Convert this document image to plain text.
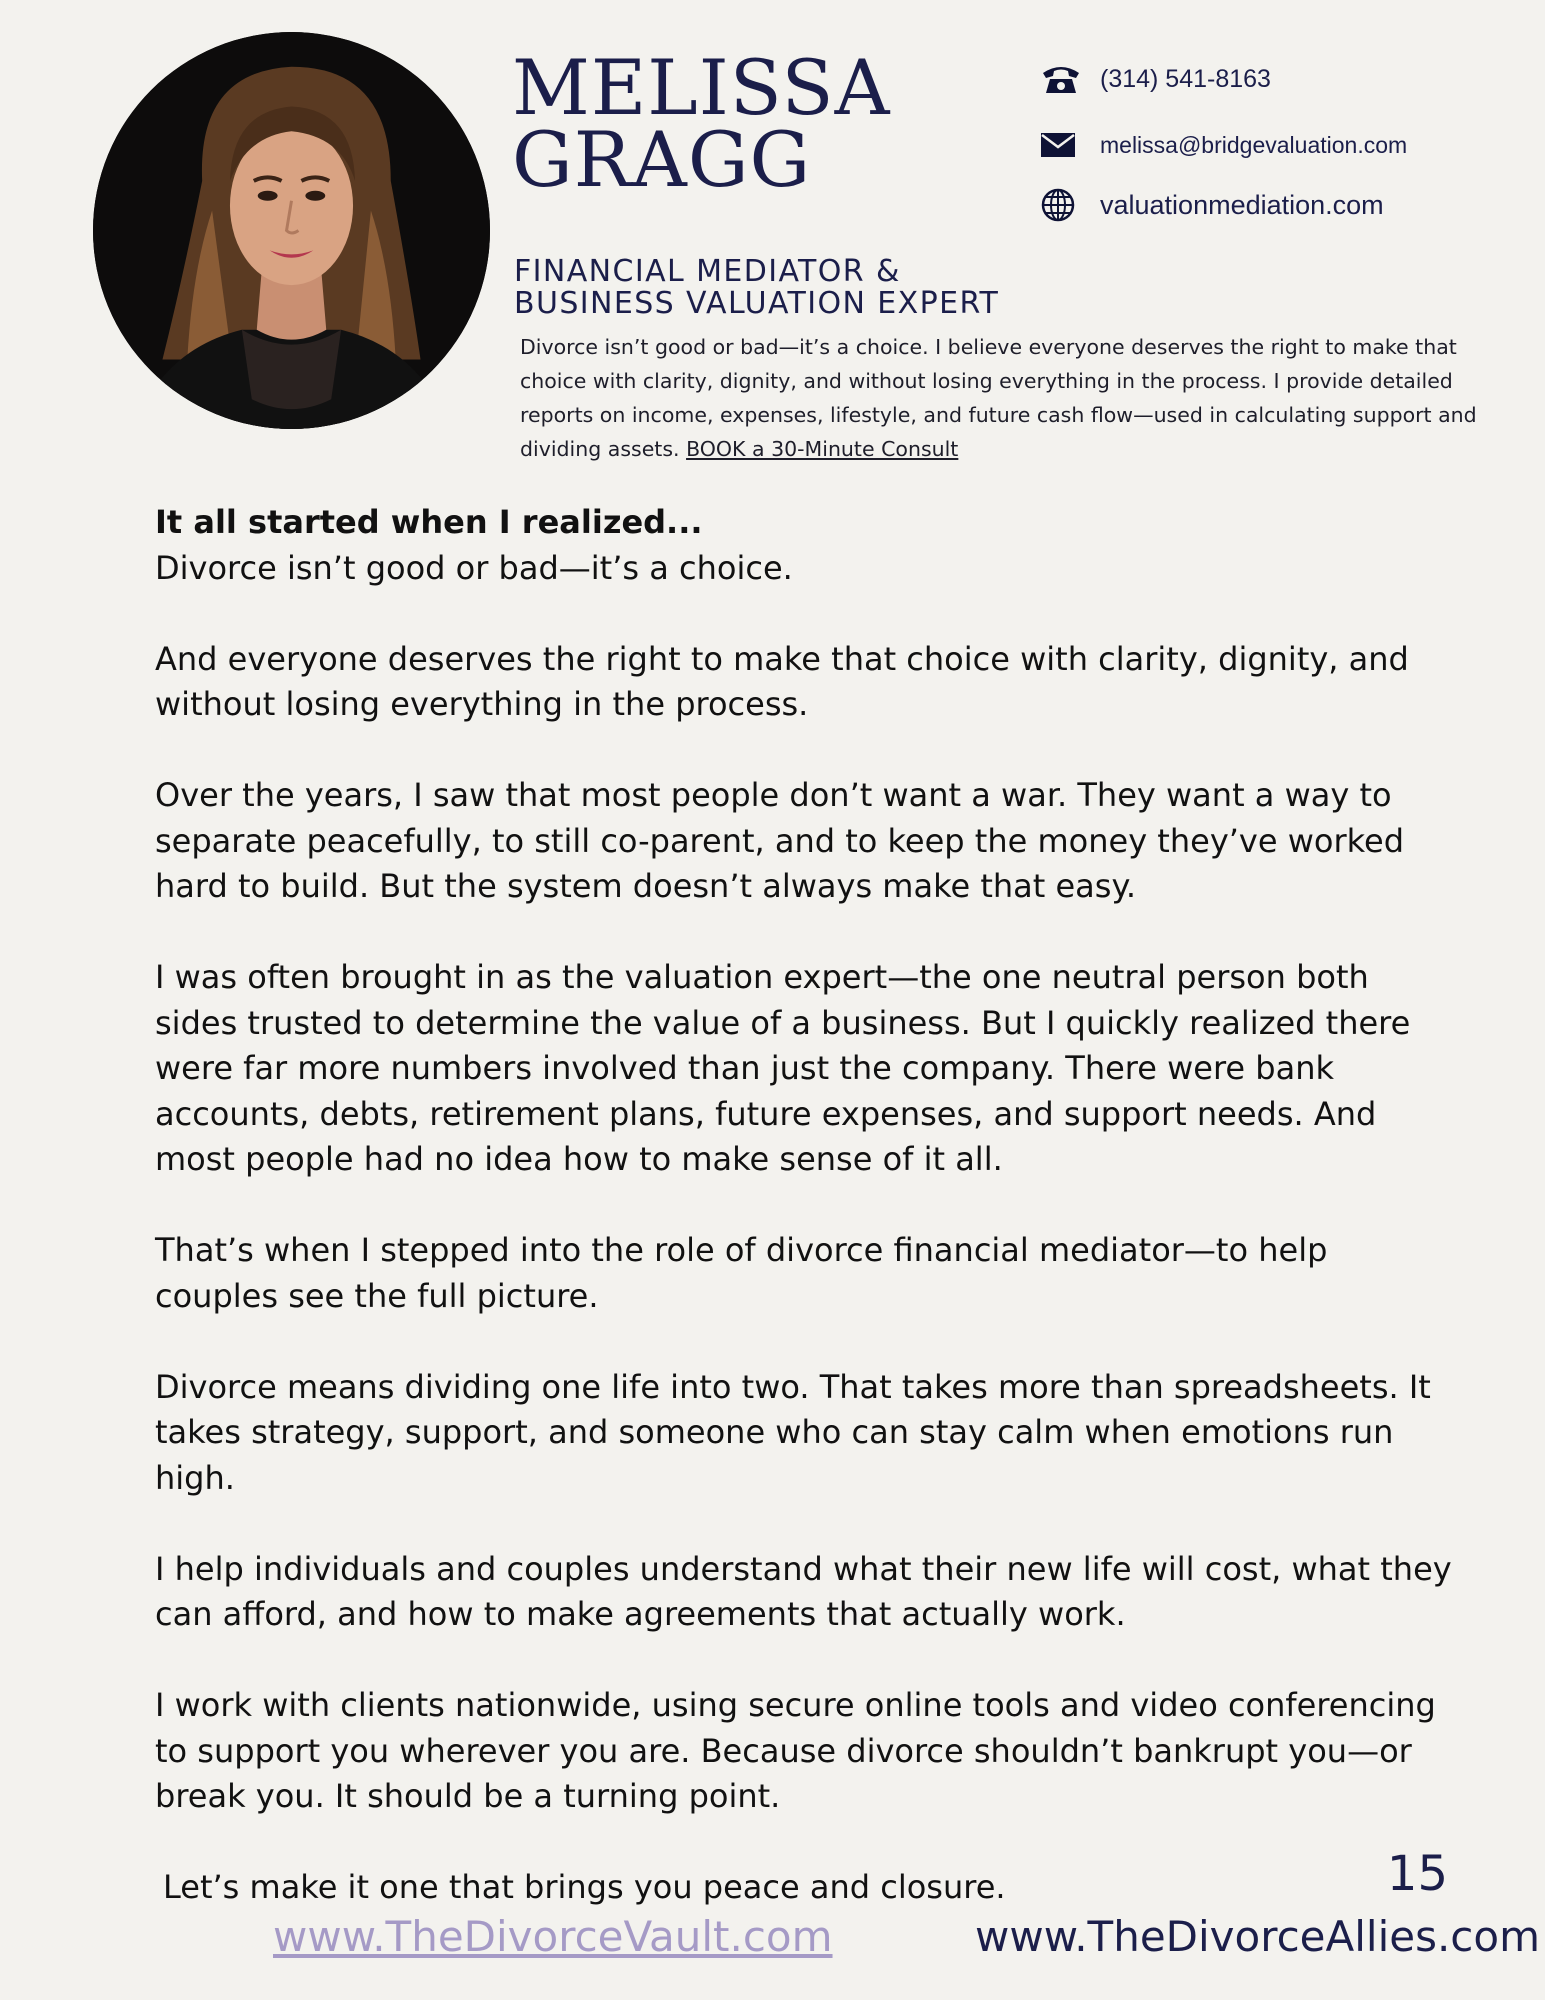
MELISSA
GRAGG
(314) 541-8163
melissa@bridgevaluation.com
valuationmediation.com
FINANCIAL MEDIATOR &
BUSINESS VALUATION EXPERT

Divorce isn’t good or bad—it’s a choice. I believe everyone deserves the right to make that choice with clarity, dignity, and without losing everything in the process. I provide detailed reports on income, expenses, lifestyle, and future cash flow—used in calculating support and dividing assets. BOOK a 30-Minute Consult

It all started when I realized...
Divorce isn’t good or bad—it’s a choice.

And everyone deserves the right to make that choice with clarity, dignity, and without losing everything in the process.

Over the years, I saw that most people don’t want a war. They want a way to separate peacefully, to still co-parent, and to keep the money they’ve worked hard to build. But the system doesn’t always make that easy.

I was often brought in as the valuation expert—the one neutral person both sides trusted to determine the value of a business. But I quickly realized there were far more numbers involved than just the company. There were bank accounts, debts, retirement plans, future expenses, and support needs. And most people had no idea how to make sense of it all.

That’s when I stepped into the role of divorce financial mediator—to help couples see the full picture.

Divorce means dividing one life into two. That takes more than spreadsheets. It takes strategy, support, and someone who can stay calm when emotions run high.

I help individuals and couples understand what their new life will cost, what they can afford, and how to make agreements that actually work.

I work with clients nationwide, using secure online tools and video conferencing to support you wherever you are. Because divorce shouldn’t bankrupt you—or break you. It should be a turning point.

Let’s make it one that brings you peace and closure.	15
www.TheDivorceVault.com	www.TheDivorceAllies.com
